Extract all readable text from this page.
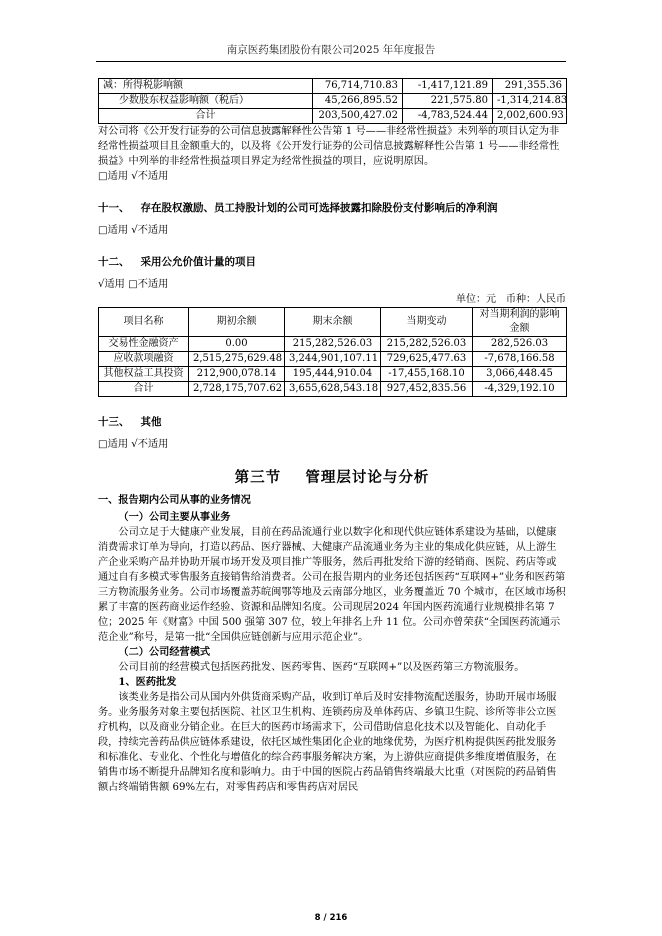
南京医药集团股份有限公司2025 年年度报告
减：所得税影响额	76,714,710.83	-1,417,121.89	291,355.36
少数股东权益影响额（税后）	45,266,895.52	221,575.80	-1,314,214.83
合计	203,500,427.02	-4,783,524.44	2,002,600.93

对公司将《公开发行证券的公司信息披露解释性公告第 1 号——非经常性损益》未列举的项目认定为非经常性损益项目且金额重大的，以及将《公开发行证券的公司信息披露解释性公告第 1 号——非经常性损益》中列举的非经常性损益项目界定为经常性损益的项目，应说明原因。

□适用 √不适用

十一、 存在股权激励、员工持股计划的公司可选择披露扣除股份支付影响后的净利润

□适用 √不适用

十二、 采用公允价值计量的项目

√适用 □不适用

单位：元　币种：人民币

项目名称	期初余额	期末余额	当期变动	对当期利润的影响金额
交易性金融资产	0.00	215,282,526.03	215,282,526.03	282,526.03
应收款项融资	2,515,275,629.48	3,244,901,107.11	729,625,477.63	-7,678,166.58
其他权益工具投资	212,900,078.14	195,444,910.04	-17,455,168.10	3,066,448.45
合计	2,728,175,707.62	3,655,628,543.18	927,452,835.56	-4,329,192.10

十三、 其他

□适用 √不适用

第三节 管理层讨论与分析

一、报告期内公司从事的业务情况

（一）公司主要从事业务

公司立足于大健康产业发展，目前在药品流通行业以数字化和现代供应链体系建设为基础，以健康消费需求订单为导向，打造以药品、医疗器械、大健康产品流通业务为主业的集成化供应链，从上游生产企业采购产品并协助开展市场开发及项目推广等服务，然后再批发给下游的经销商、医院、药店等或通过自有多模式零售服务直接销售给消费者。公司在报告期内的业务还包括医药“互联网+”业务和医药第三方物流服务业务。公司市场覆盖苏皖闽鄂等地及云南部分地区，业务覆盖近 70 个城市，在区域市场积累了丰富的医药商业运作经验、资源和品牌知名度。公司现居2024 年国内医药流通行业规模排名第 7 位；2025 年《财富》中国 500 强第 307 位，较上年排名上升 11 位。公司亦曾荣获“全国医药流通示范企业”称号，是第一批“全国供应链创新与应用示范企业”。

（二）公司经营模式

公司目前的经营模式包括医药批发、医药零售、医药“互联网+”以及医药第三方物流服务。

1、医药批发

该类业务是指公司从国内外供货商采购产品，收到订单后及时安排物流配送服务，协助开展市场服务。业务服务对象主要包括医院、社区卫生机构、连锁药房及单体药店、乡镇卫生院、诊所等非公立医疗机构，以及商业分销企业。在巨大的医药市场需求下，公司借助信息化技术以及智能化、自动化手段，持续完善药品供应链体系建设，依托区域性集团化企业的地缘优势，为医疗机构提供医药批发服务和标准化、专业化、个性化与增值化的综合药事服务解决方案，为上游供应商提供多维度增值服务，在销售市场不断提升品牌知名度和影响力。由于中国的医院占药品销售终端最大比重（对医院的药品销售额占终端销售额 69%左右，对零售药店和零售药店对居民

8 / 216
